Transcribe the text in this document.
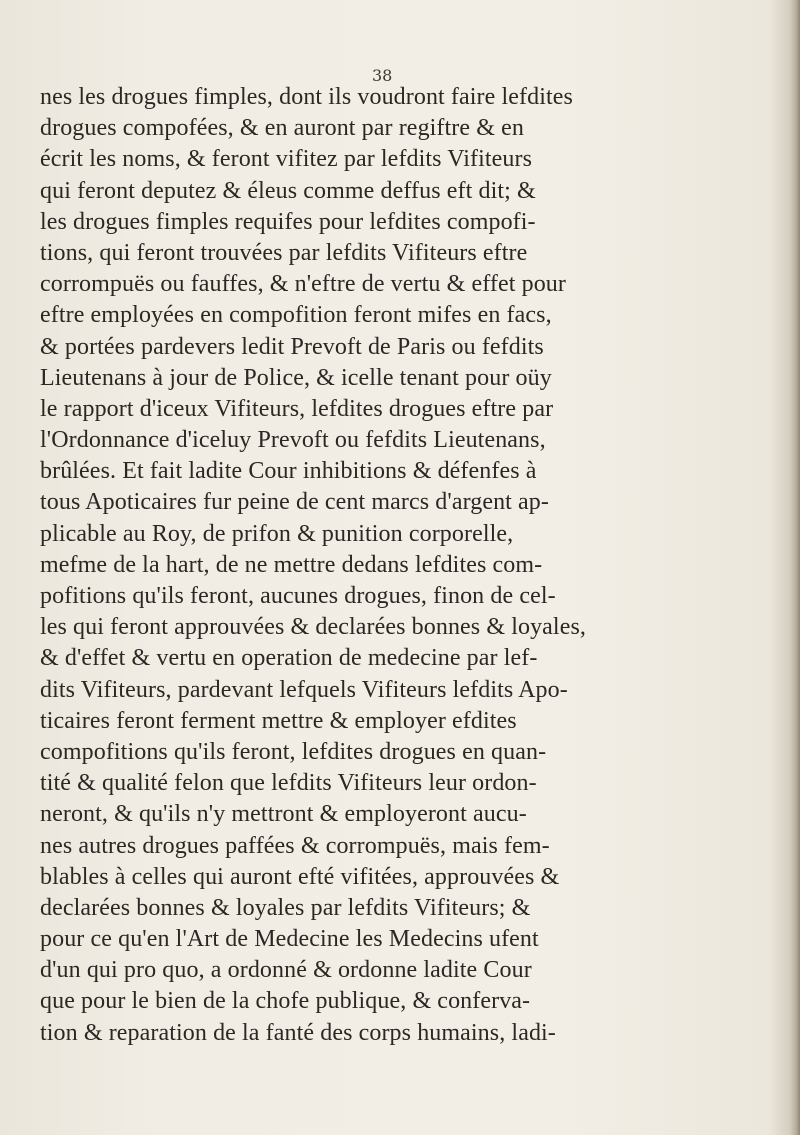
38
nes les drogues fimples, dont ils voudront faire lefdites
drogues compofées, & en auront par regiftre & en
écrit les noms, & feront vifitez par lefdits Vifiteurs
qui feront deputez & éleus comme deffus eft dit; &
les drogues fimples requifes pour lefdites compofi-
tions, qui feront trouvées par lefdits Vifiteurs eftre
corrompuës ou fauffes, & n'eftre de vertu & effet pour
eftre employées en compofition feront mifes en facs,
& portées pardevers ledit Prevoft de Paris ou fefdits
Lieutenans à jour de Police, & icelle tenant pour oüy
le rapport d'iceux Vifiteurs, lefdites drogues eftre par
l'Ordonnance d'iceluy Prevoft ou fefdits Lieutenans,
brûlées. Et fait ladite Cour inhibitions & défenfes à
tous Apoticaires fur peine de cent marcs d'argent ap-
plicable au Roy, de prifon & punition corporelle,
mefme de la hart, de ne mettre dedans lefdites com-
pofitions qu'ils feront, aucunes drogues, finon de cel-
les qui feront approuvées & declarées bonnes & loyales,
& d'effet & vertu en operation de medecine par lef-
dits Vifiteurs, pardevant lefquels Vifiteurs lefdits Apo-
ticaires feront ferment mettre & employer efdites
compofitions qu'ils feront, lefdites drogues en quan-
tité & qualité felon que lefdits Vifiteurs leur ordon-
neront, & qu'ils n'y mettront & employeront aucu-
nes autres drogues paffées & corrompuës, mais fem-
blables à celles qui auront efté vifitées, approuvées &
declarées bonnes & loyales par lefdits Vifiteurs; &
pour ce qu'en l'Art de Medecine les Medecins ufent
d'un qui pro quo, a ordonné & ordonne ladite Cour
que pour le bien de la chofe publique, & conferva-
tion & reparation de la fanté des corps humains, ladi-
